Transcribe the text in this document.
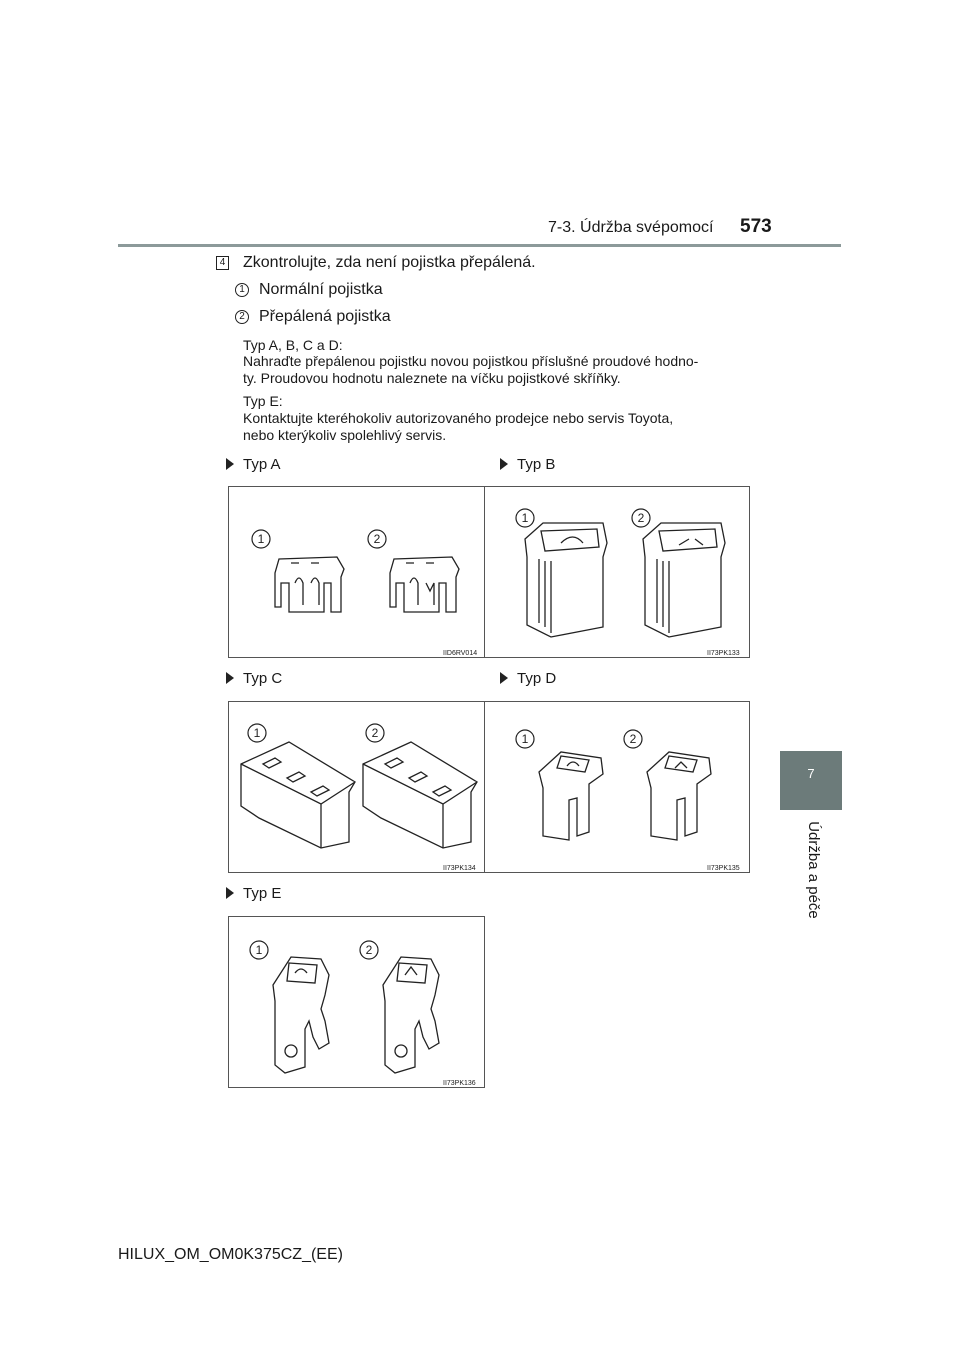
7-3. Údržba svépomocí 573
7
Údržba a péče
4 Zkontrolujte, zda není pojistka přepálená.
1 Normální pojistka
2 Přepálená pojistka
Typ A, B, C a D:
Nahraďte přepálenou pojistku novou pojistkou příslušné proudové hodno-
ty. Proudovou hodnotu naleznete na víčku pojistkové skříňky.
Typ E:
Kontaktujte kteréhokoliv autorizovaného prodejce nebo servis Toyota,
nebo kterýkoliv spolehlivý servis.
Typ A	Typ B
Typ C	Typ D
Typ E
1	2
IID6RV014
1	2
II73PK133
1	2
II73PK134
1	2
II73PK135
1	2
II73PK136
HILUX_OM_OM0K375CZ_(EE)
